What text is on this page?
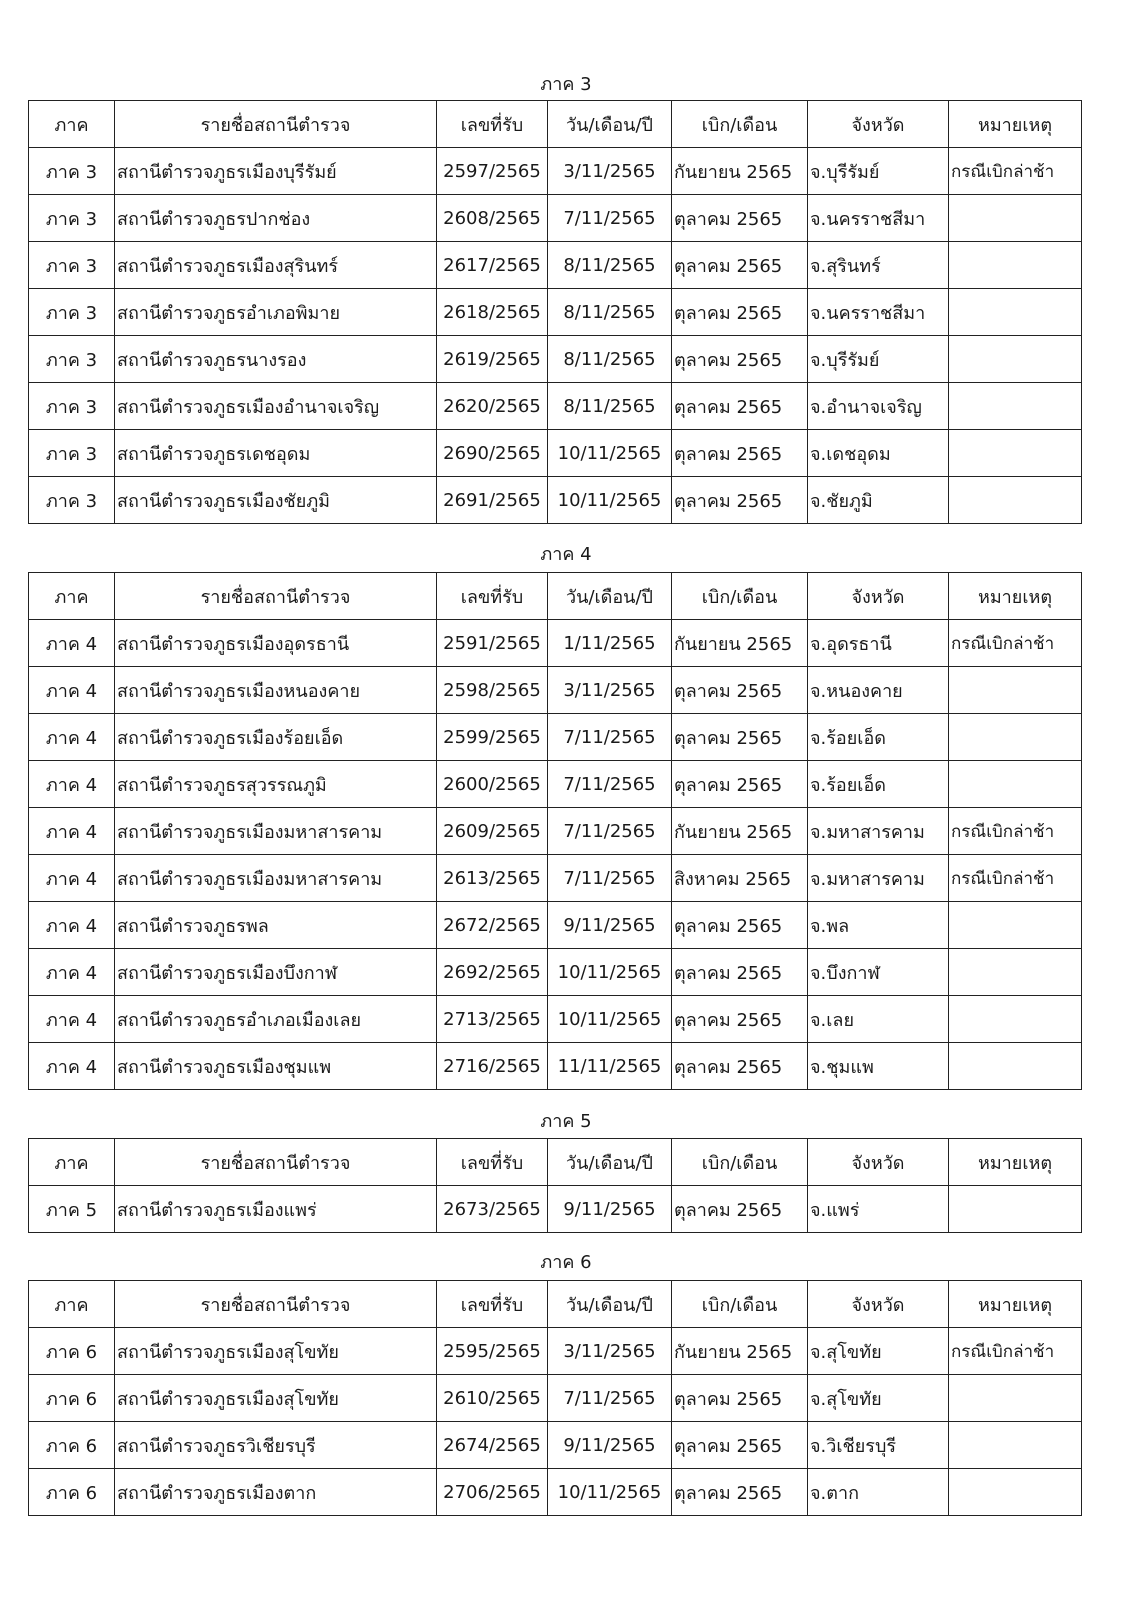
ภาค 3
ภาค	รายชื่อสถานีตำรวจ	เลขที่รับ	วัน/เดือน/ปี	เบิก/เดือน	จังหวัด	หมายเหตุ
ภาค 3	สถานีตำรวจภูธรเมืองบุรีรัมย์	2597/2565	3/11/2565	กันยายน 2565	จ.บุรีรัมย์	กรณีเบิกล่าช้า
ภาค 3	สถานีตำรวจภูธรปากช่อง	2608/2565	7/11/2565	ตุลาคม 2565	จ.นครราชสีมา	
ภาค 3	สถานีตำรวจภูธรเมืองสุรินทร์	2617/2565	8/11/2565	ตุลาคม 2565	จ.สุรินทร์	
ภาค 3	สถานีตำรวจภูธรอำเภอพิมาย	2618/2565	8/11/2565	ตุลาคม 2565	จ.นครราชสีมา	
ภาค 3	สถานีตำรวจภูธรนางรอง	2619/2565	8/11/2565	ตุลาคม 2565	จ.บุรีรัมย์	
ภาค 3	สถานีตำรวจภูธรเมืองอำนาจเจริญ	2620/2565	8/11/2565	ตุลาคม 2565	จ.อำนาจเจริญ	
ภาค 3	สถานีตำรวจภูธรเดชอุดม	2690/2565	10/11/2565	ตุลาคม 2565	จ.เดชอุดม	
ภาค 3	สถานีตำรวจภูธรเมืองชัยภูมิ	2691/2565	10/11/2565	ตุลาคม 2565	จ.ชัยภูมิ	
ภาค 4
ภาค	รายชื่อสถานีตำรวจ	เลขที่รับ	วัน/เดือน/ปี	เบิก/เดือน	จังหวัด	หมายเหตุ
ภาค 4	สถานีตำรวจภูธรเมืองอุดรธานี	2591/2565	1/11/2565	กันยายน 2565	จ.อุดรธานี	กรณีเบิกล่าช้า
ภาค 4	สถานีตำรวจภูธรเมืองหนองคาย	2598/2565	3/11/2565	ตุลาคม 2565	จ.หนองคาย	
ภาค 4	สถานีตำรวจภูธรเมืองร้อยเอ็ด	2599/2565	7/11/2565	ตุลาคม 2565	จ.ร้อยเอ็ด	
ภาค 4	สถานีตำรวจภูธรสุวรรณภูมิ	2600/2565	7/11/2565	ตุลาคม 2565	จ.ร้อยเอ็ด	
ภาค 4	สถานีตำรวจภูธรเมืองมหาสารคาม	2609/2565	7/11/2565	กันยายน 2565	จ.มหาสารคาม	กรณีเบิกล่าช้า
ภาค 4	สถานีตำรวจภูธรเมืองมหาสารคาม	2613/2565	7/11/2565	สิงหาคม 2565	จ.มหาสารคาม	กรณีเบิกล่าช้า
ภาค 4	สถานีตำรวจภูธรพล	2672/2565	9/11/2565	ตุลาคม 2565	จ.พล	
ภาค 4	สถานีตำรวจภูธรเมืองบึงกาฬ	2692/2565	10/11/2565	ตุลาคม 2565	จ.บึงกาฬ	
ภาค 4	สถานีตำรวจภูธรอำเภอเมืองเลย	2713/2565	10/11/2565	ตุลาคม 2565	จ.เลย	
ภาค 4	สถานีตำรวจภูธรเมืองชุมแพ	2716/2565	11/11/2565	ตุลาคม 2565	จ.ชุมแพ	
ภาค 5
ภาค	รายชื่อสถานีตำรวจ	เลขที่รับ	วัน/เดือน/ปี	เบิก/เดือน	จังหวัด	หมายเหตุ
ภาค 5	สถานีตำรวจภูธรเมืองแพร่	2673/2565	9/11/2565	ตุลาคม 2565	จ.แพร่	
ภาค 6
ภาค	รายชื่อสถานีตำรวจ	เลขที่รับ	วัน/เดือน/ปี	เบิก/เดือน	จังหวัด	หมายเหตุ
ภาค 6	สถานีตำรวจภูธรเมืองสุโขทัย	2595/2565	3/11/2565	กันยายน 2565	จ.สุโขทัย	กรณีเบิกล่าช้า
ภาค 6	สถานีตำรวจภูธรเมืองสุโขทัย	2610/2565	7/11/2565	ตุลาคม 2565	จ.สุโขทัย	
ภาค 6	สถานีตำรวจภูธรวิเชียรบุรี	2674/2565	9/11/2565	ตุลาคม 2565	จ.วิเชียรบุรี	
ภาค 6	สถานีตำรวจภูธรเมืองตาก	2706/2565	10/11/2565	ตุลาคม 2565	จ.ตาก	
